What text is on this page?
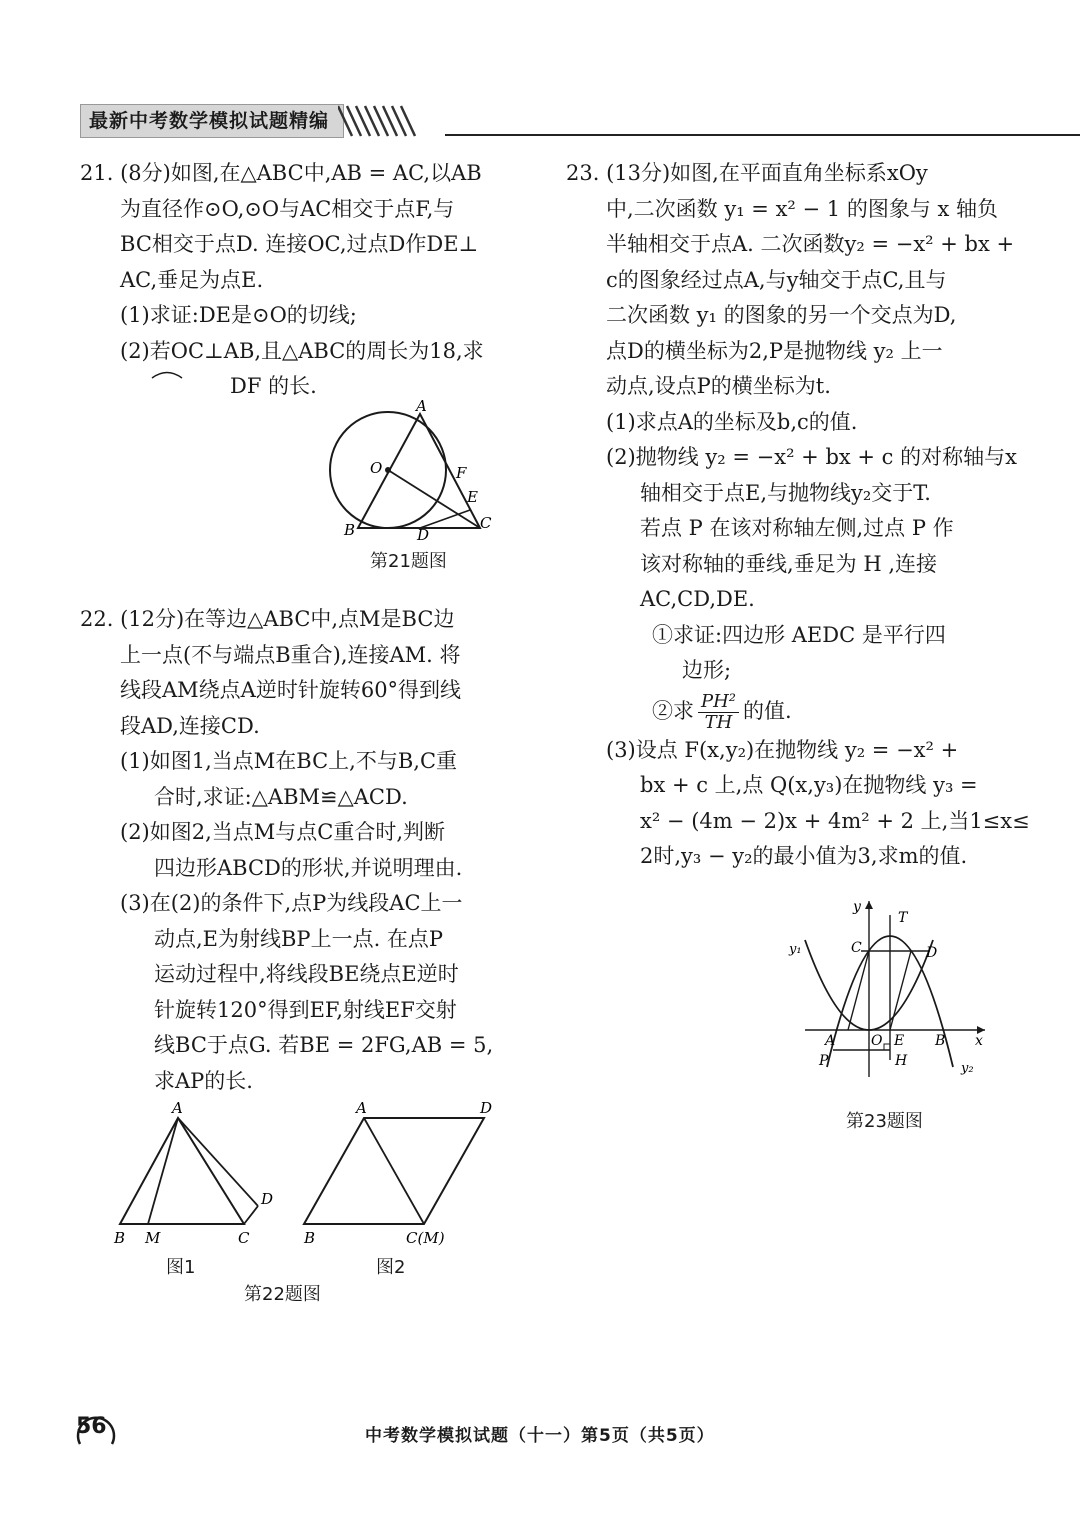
最新中考数学模拟试题精编
21. (8分)如图,在△ABC中,AB = AC,以AB
为直径作⊙O,⊙O与AC相交于点F,与
BC相交于点D. 连接OC,过点D作DE⊥
AC,垂足为点E.
(1)求证:DE是⊙O的切线;
(2)若OC⊥AB,且△ABC的周长为18,求
DF 的长.
A
O	F
E
B	D
C
第21题图
22. (12分)在等边△ABC中,点M是BC边
上一点(不与端点B重合),连接AM. 将
线段AM绕点A逆时针旋转60°得到线
段AD,连接CD.
(1)如图1,当点M在BC上,不与B,C重
合时,求证:△ABM≌△ACD.
(2)如图2,当点M与点C重合时,判断
四边形ABCD的形状,并说明理由.
(3)在(2)的条件下,点P为线段AC上一
动点,E为射线BP上一点. 在点P
运动过程中,将线段BE绕点E逆时
针旋转120°得到EF,射线EF交射
线BC于点G. 若BE = 2FG,AB = 5,
求AP的长.
A
D
B M	C
图1
A	D
B	C(M)
图2
第22题图
23. (13分)如图,在平面直角坐标系xOy
中,二次函数 y₁ = x² − 1 的图象与 x 轴负
半轴相交于点A. 二次函数y₂ = −x² + bx +
c的图象经过点A,与y轴交于点C,且与
二次函数 y₁ 的图象的另一个交点为D,
点D的横坐标为2,P是抛物线 y₂ 上一
动点,设点P的横坐标为t.
(1)求点A的坐标及b,c的值.
(2)抛物线 y₂ = −x² + bx + c 的对称轴与x
轴相交于点E,与抛物线y₂交于T.
若点 P 在该对称轴左侧,过点 P 作
该对称轴的垂线,垂足为 H ,连接
AC,CD,DE.
①求证:四边形 AEDC 是平行四
边形;
②求 $\frac{\text{PH²}}{TH}$ 的值.
(3)设点 F(x,y₂)在抛物线 y₂ = −x² +
bx + c 上,点 Q(x,y₃)在抛物线 y₃ =
x² − (4m − 2)x + 4m² + 2 上,当1≤x≤
2时,y₃ − y₂的最小值为3,求m的值.
y
T
y₁	C	D
A	O E B x
P	H	y₂
第23题图
56	中考数学模拟试题（十一）第5页（共5页）
